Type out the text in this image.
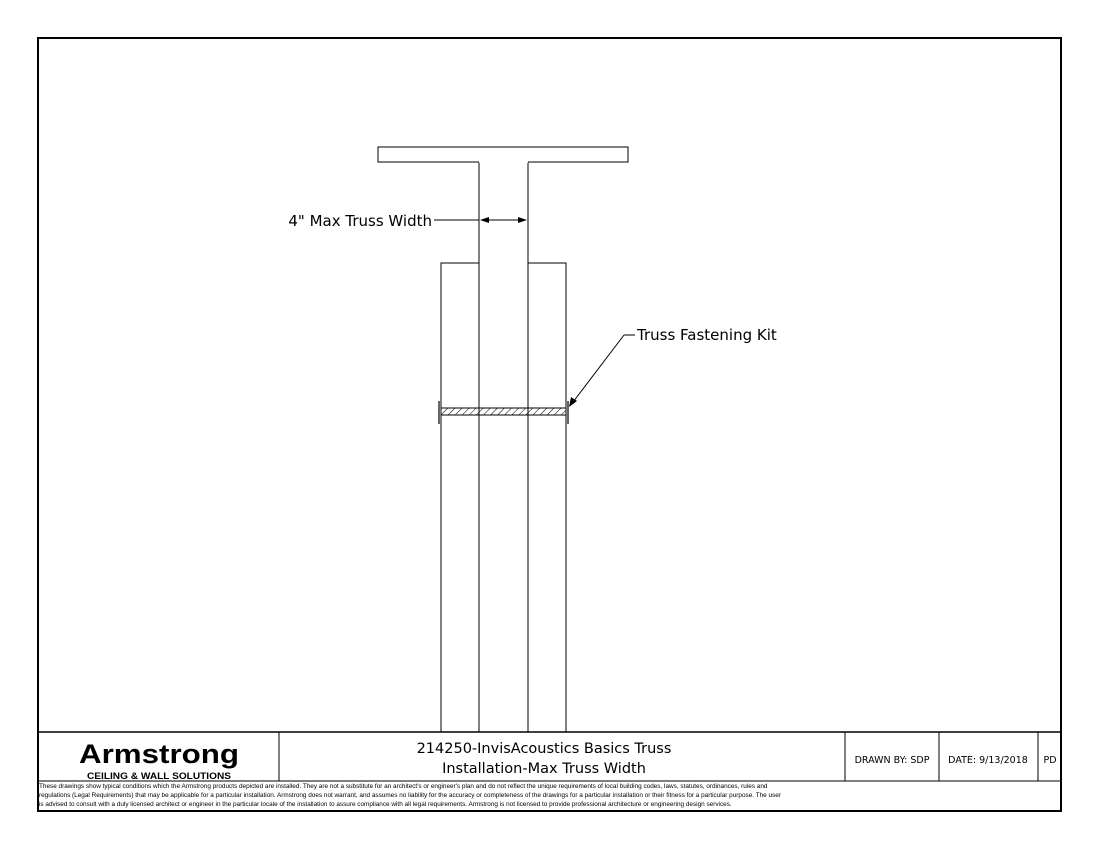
4" Max Truss Width
Truss Fastening Kit
Armstrong
CEILING & WALL SOLUTIONS
214250-InvisAcoustics Basics Truss
Installation-Max Truss Width
DRAWN BY: SDP DATE: 9/13/2018 PD
These drawings show typical conditions which the Armstrong products depicted are installed. They are not a substitute for an architect's or engineer's plan and do not reflect the unique requirements of local building codes, laws, statutes, ordinances, rules and
regulations (Legal Requirements) that may be applicable for a particular installation. Armstrong does not warrant, and assumes no liability for the accuracy or completeness of the drawings for a particular installation or their fitness for a particular purpose. The user
is advised to consult with a duly licensed architect or engineer in the particular locale of the installation to assure compliance with all legal requirements. Armstrong is not licensed to provide professional architecture or engineering design services.
